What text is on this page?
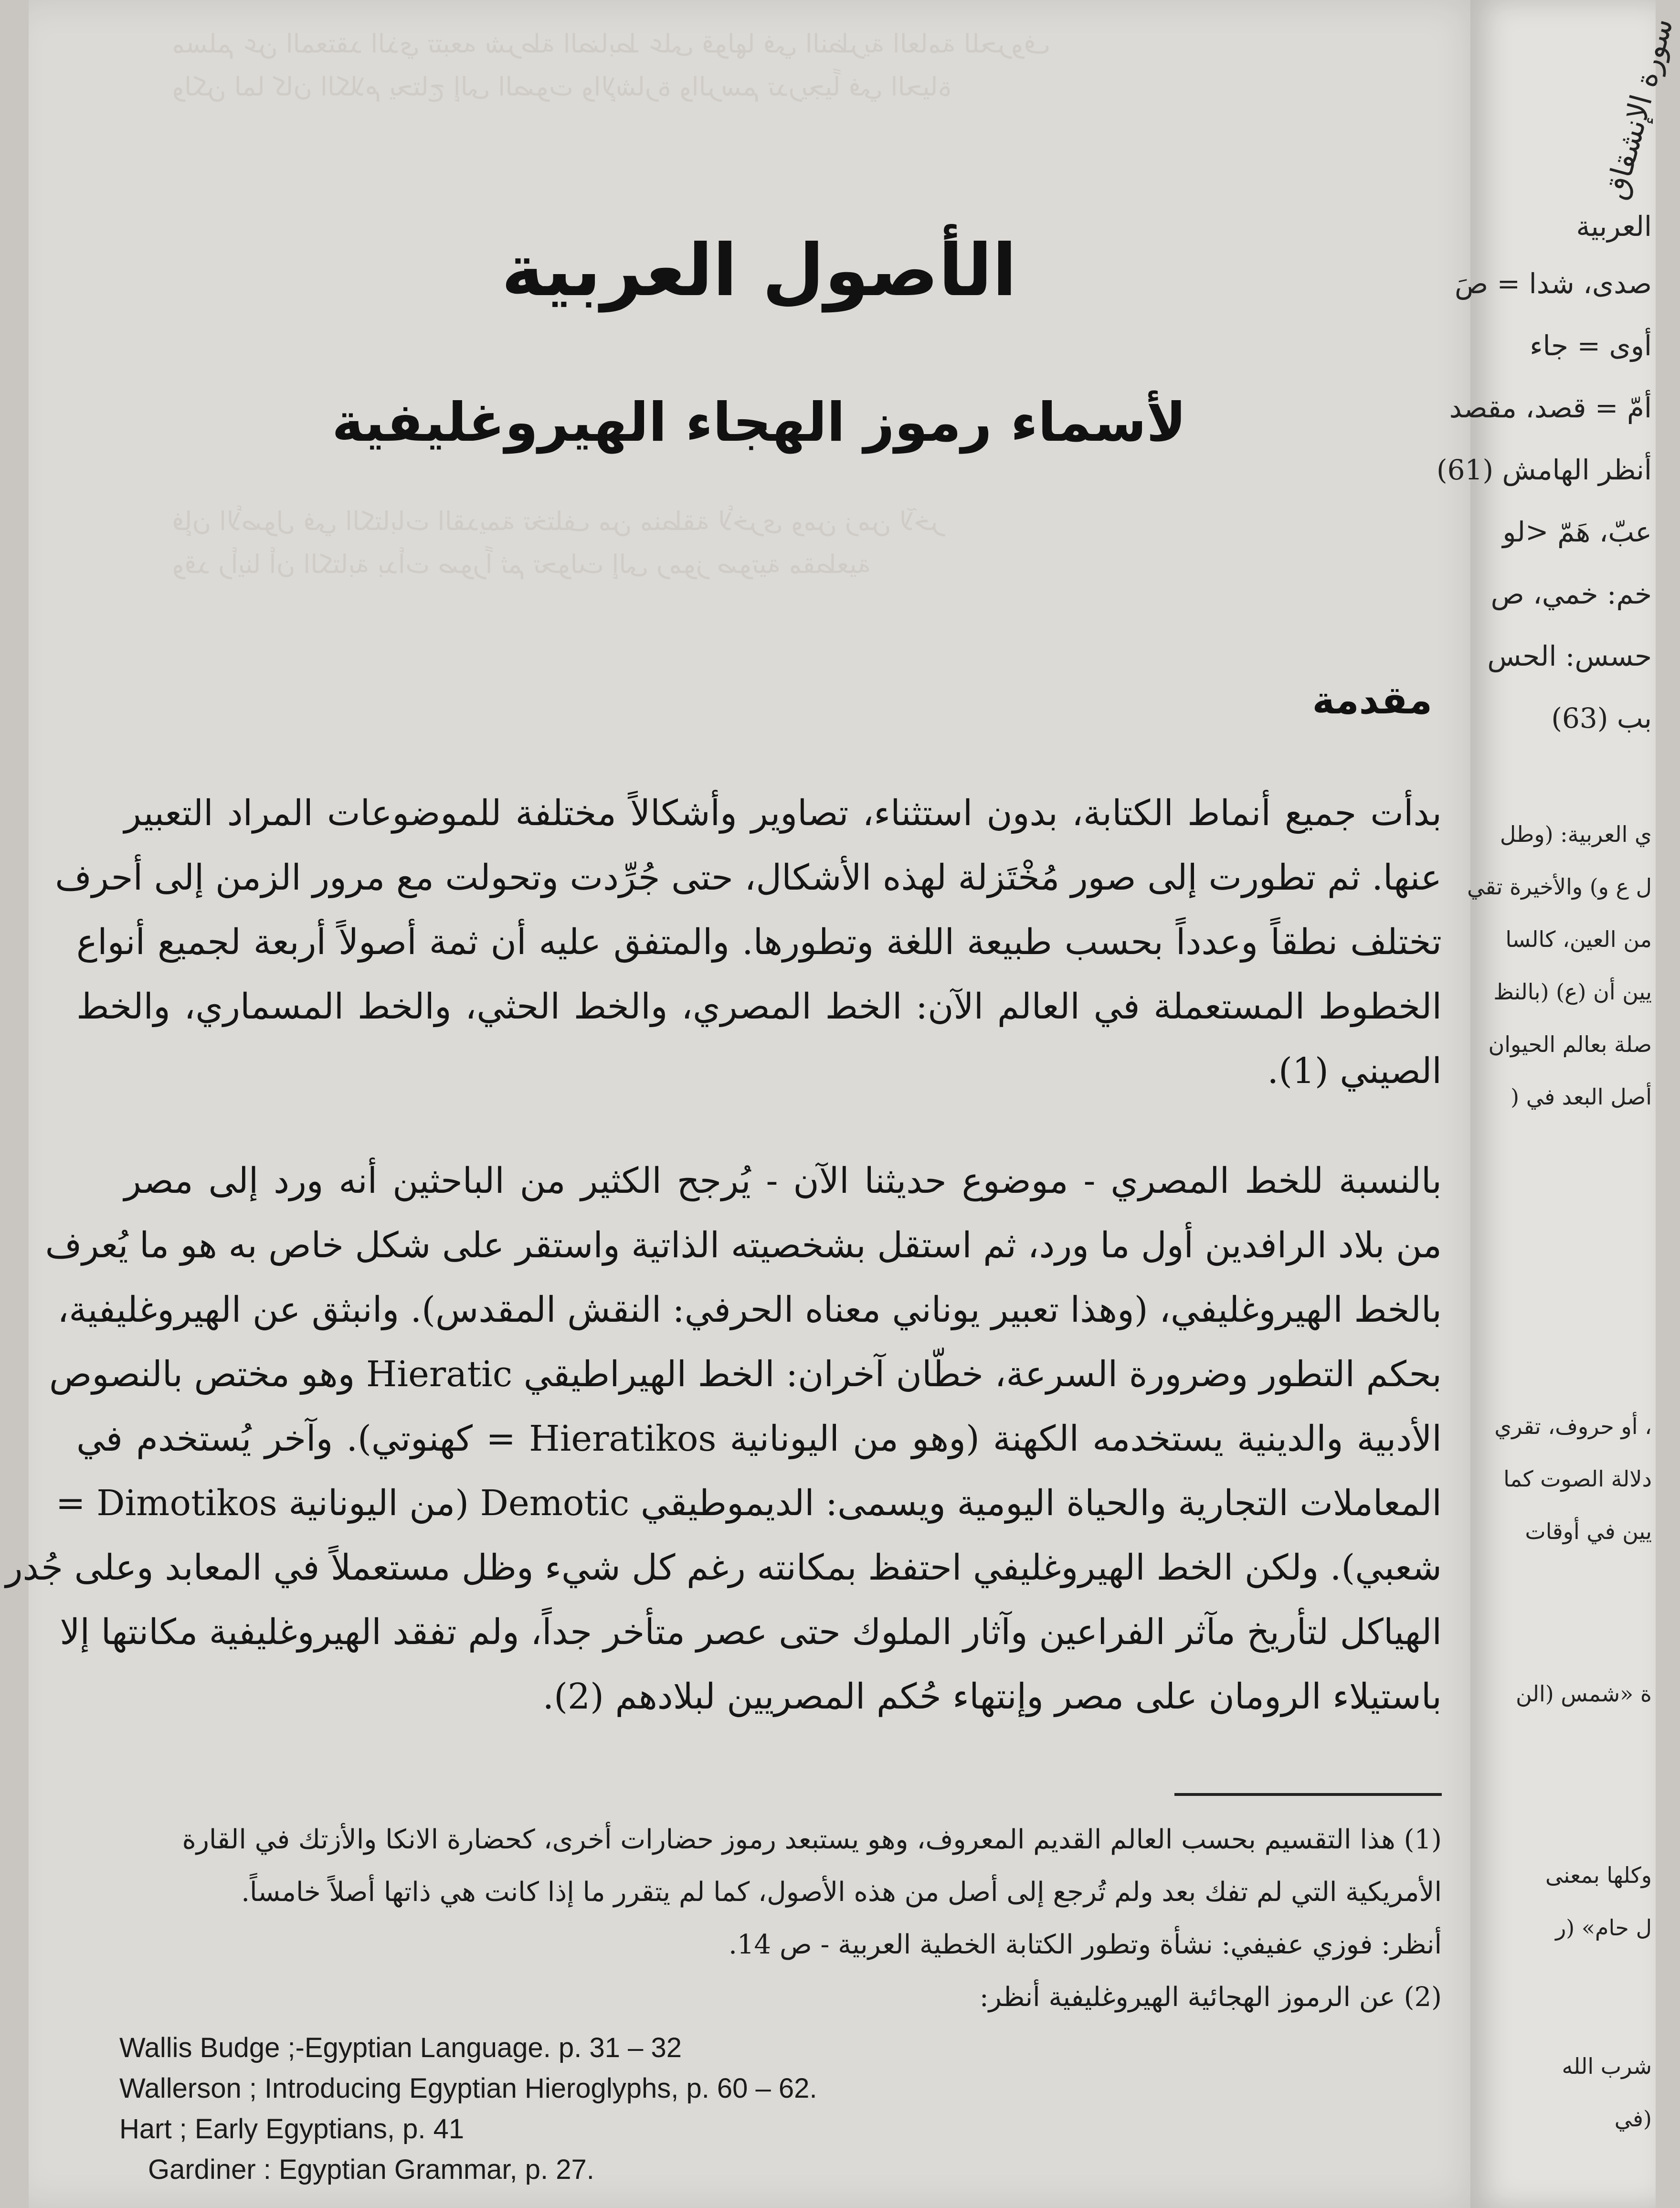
مسلم عن المعتقد الذي تتبعه شرطة الضابط على قولها في النظرية العامة للحروف
ولكن لما كان الكلام يحتاج إلى الصوت والإشارة والرسم تدريجياً في الحياة
فإن الأصول في الكتابات القديمة تختلف من منطقة لأخرى ومن زمن لآخر
وقد رأينا أن الكتابة بدأت صوراً ثم تحولت إلى رموز صوتية مقطعية
الأصول العربية
لأسماء رموز الهجاء الهيروغليفية
مقدمة
بدأت جميع أنماط الكتابة، بدون استثناء، تصاوير وأشكالاً مختلفة للموضوعات المراد التعبير
عنها. ثم تطورت إلى صور مُخْتَزلة لهذه الأشكال، حتى جُرِّدت وتحولت مع مرور الزمن إلى أحرف
تختلف نطقاً وعدداً بحسب طبيعة اللغة وتطورها. والمتفق عليه أن ثمة أصولاً أربعة لجميع أنواع
الخطوط المستعملة في العالم الآن: الخط المصري، والخط الحثي، والخط المسماري، والخط
الصيني (1).
بالنسبة للخط المصري - موضوع حديثنا الآن - يُرجح الكثير من الباحثين أنه ورد إلى مصر
من بلاد الرافدين أول ما ورد، ثم استقل بشخصيته الذاتية واستقر على شكل خاص به هو ما يُعرف
بالخط الهيروغليفي، (وهذا تعبير يوناني معناه الحرفي: النقش المقدس). وانبثق عن الهيروغليفية،
بحكم التطور وضرورة السرعة، خطّان آخران: الخط الهيراطيقي Hieratic وهو مختص بالنصوص
الأدبية والدينية يستخدمه الكهنة (وهو من اليونانية Hieratikos = كهنوتي). وآخر يُستخدم في
المعاملات التجارية والحياة اليومية ويسمى: الديموطيقي Demotic (من اليونانية Dimotikos =
شعبي). ولكن الخط الهيروغليفي احتفظ بمكانته رغم كل شيء وظل مستعملاً في المعابد وعلى جُدر
الهياكل لتأريخ مآثر الفراعين وآثار الملوك حتى عصر متأخر جداً، ولم تفقد الهيروغليفية مكانتها إلا
باستيلاء الرومان على مصر وإنتهاء حُكم المصريين لبلادهم (2).
(1) هذا التقسيم بحسب العالم القديم المعروف، وهو يستبعد رموز حضارات أخرى، كحضارة الانكا والأزتك في القارة
الأمريكية التي لم تفك بعد ولم تُرجع إلى أصل من هذه الأصول، كما لم يتقرر ما إذا كانت هي ذاتها أصلاً خامساً.
أنظر: فوزي عفيفي: نشأة وتطور الكتابة الخطية العربية - ص 14.
(2) عن الرموز الهجائية الهيروغليفية أنظر:
Wallis Budge ;-Egyptian Language. p. 31 – 32
Wallerson ; Introducing Egyptian Hieroglyphs, p. 60 – 62.
Hart ; Early Egyptians, p. 41
Gardiner : Egyptian Grammar, p. 27.
سورة الإنشقاق
العربية
صدى، شدا = صَ
أوى = جاء
أمّ = قصد، مقصد
أنظر الهامش (61)
عبّ، هَمّ <لو
خم: خمي، ص
حسس: الحس
بب (63)
ي العربية: (وطل
ل ع و) والأخيرة تقي
من العين، كالسا
يين أن (ع) (بالنظ
صلة بعالم الحيوان
أصل البعد في (
، أو حروف، تقري
دلالة الصوت كما
يين في أوقات
ة «شمس (الن
وكلها بمعنى
ل حام» (ر
شرب الله
(في
